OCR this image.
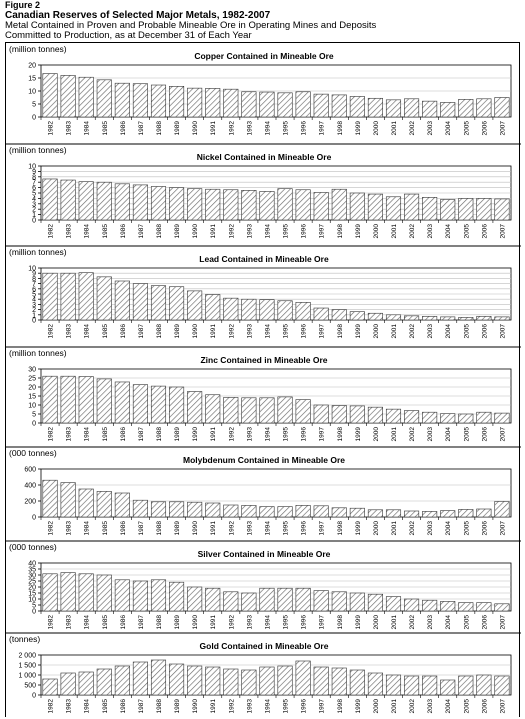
Figure 2
Canadian Reserves of Selected Major Metals, 1982-2007
Metal Contained in Proven and Probable Mineable Ore in Operating Mines and Deposits
Committed to Production, as at December 31 of Each Year
(million tonnes)
Copper Contained in Mineable Ore
0
5
10
15
20
1982 1983 1984 1985 1986 1987 1988 1989 1990 1991 1992 1993 1994 1995 1996 1997 1998 1999 2000 2001 2002 2003 2004 2005 2006 2007
(million tonnes)
Nickel Contained in Mineable Ore
0
1
2
3
4
5
6
7
8
9
10
1982 1983 1984 1985 1986 1987 1988 1989 1990 1991 1992 1993 1994 1995 1996 1997 1998 1999 2000 2001 2002 2003 2004 2005 2006 2007
(million tonnes)
Lead Contained in Mineable Ore
0
1
2
3
4
5
6
7
8
9
10
1982 1983 1984 1985 1986 1987 1988 1989 1990 1991 1992 1993 1994 1995 1996 1997 1998 1999 2000 2001 2002 2003 2004 2005 2006 2007
(million tonnes)
Zinc Contained in Mineable Ore
0
5
10
15
20
25
30
1982 1983 1984 1985 1986 1987 1988 1989 1990 1991 1992 1993 1994 1995 1996 1997 1998 1999 2000 2001 2002 2003 2004 2005 2006 2007
(000 tonnes)
Molybdenum Contained in Mineable Ore
0
200
400
600
1982 1983 1984 1985 1986 1987 1988 1989 1990 1991 1992 1993 1994 1995 1996 1997 1998 1999 2000 2001 2002 2003 2004 2005 2006 2007
(000 tonnes)
Silver Contained in Mineable Ore
0
5
10
15
20
25
30
35
40
1982 1983 1984 1985 1986 1987 1988 1989 1990 1991 1992 1993 1994 1995 1996 1997 1998 1999 2000 2001 2002 2003 2004 2005 2006 2007
(tonnes)
Gold Contained in Mineable Ore
0
500
1 000
1 500
2 000
1982 1983 1984 1985 1986 1987 1988 1989 1990 1991 1992 1993 1994 1995 1996 1997 1998 1999 2000 2001 2002 2003 2004 2005 2006 2007
